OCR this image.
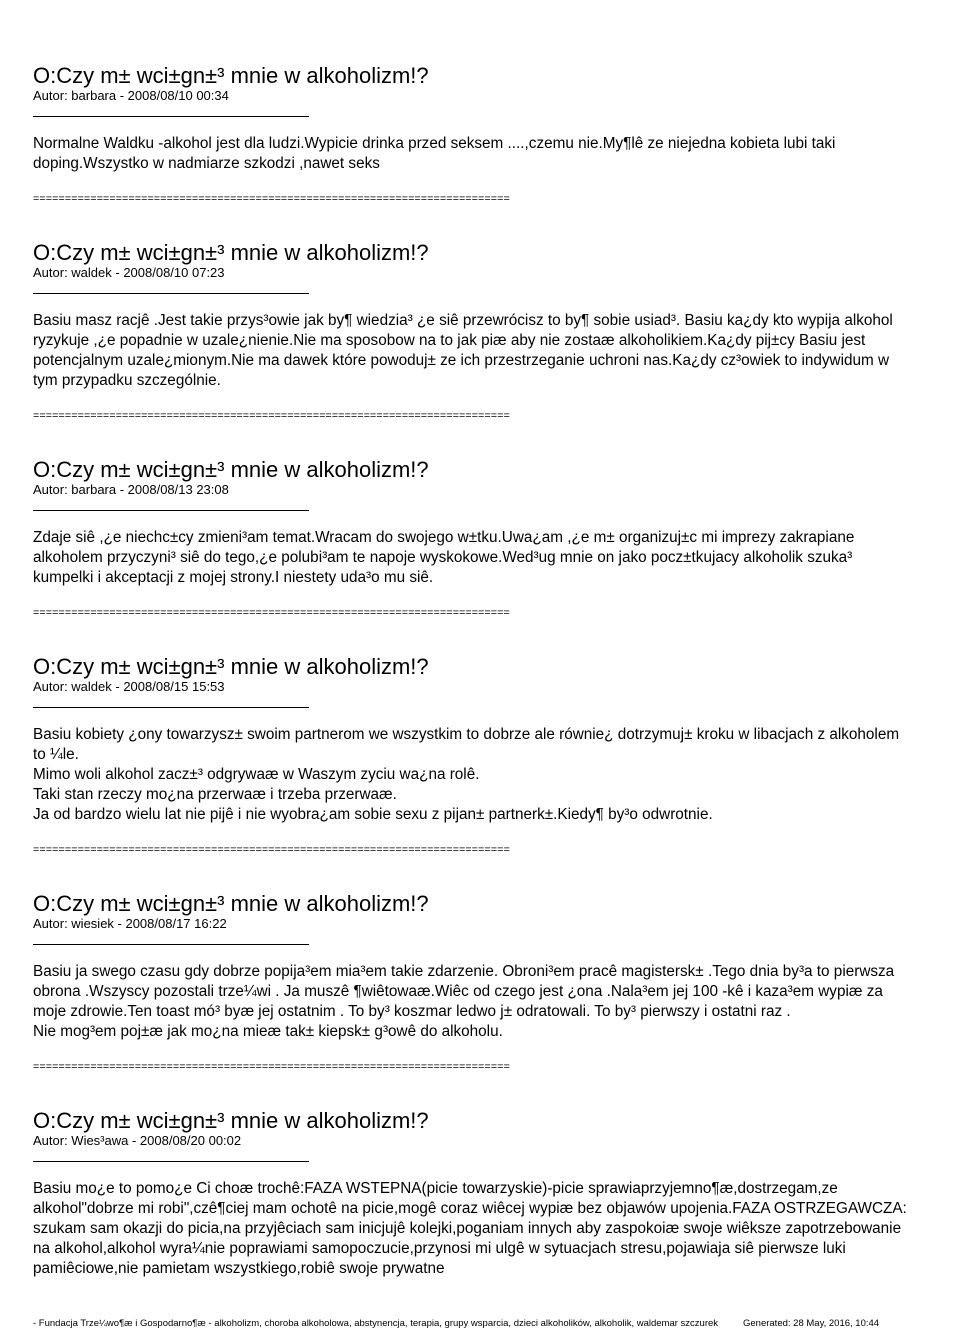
O:Czy m± wci±gn±³ mnie w alkoholizm!?
Autor: barbara - 2008/08/10 00:34

Normalne Waldku -alkohol jest dla ludzi.Wypicie drinka przed seksem ....,czemu nie.My¶lê ze niejedna kobieta lubi taki doping.Wszystko w nadmiarze szkodzi ,nawet seks

===========================================================================
O:Czy m± wci±gn±³ mnie w alkoholizm!?
Autor: waldek - 2008/08/10 07:23

Basiu masz racjê .Jest takie przys³owie jak by¶ wiedzia³ ¿e siê przewrócisz to by¶ sobie usiad³. Basiu ka¿dy kto wypija alkohol ryzykuje ,¿e popadnie w uzale¿nienie.Nie ma sposobow na to jak piæ aby nie zostaæ alkoholikiem.Ka¿dy pij±cy Basiu jest potencjalnym uzale¿mionym.Nie ma dawek które powoduj± ze ich przestrzeganie uchroni nas.Ka¿dy cz³owiek to indywidum w tym przypadku szczególnie.

===========================================================================
O:Czy m± wci±gn±³ mnie w alkoholizm!?
Autor: barbara - 2008/08/13 23:08

Zdaje siê ,¿e niechc±cy zmieni³am temat.Wracam do swojego w±tku.Uwa¿am ,¿e m± organizuj±c mi imprezy zakrapiane alkoholem przyczyni³ siê do tego,¿e polubi³am te napoje wyskokowe.Wed³ug mnie on jako pocz±tkujacy alkoholik szuka³ kumpelki i akceptacji z mojej strony.I niestety uda³o mu siê.

===========================================================================
O:Czy m± wci±gn±³ mnie w alkoholizm!?
Autor: waldek - 2008/08/15 15:53

Basiu kobiety ¿ony towarzysz± swoim partnerom we wszystkim to dobrze ale równie¿ dotrzymuj± kroku w libacjach z alkoholem to ¼le.

Mimo woli alkohol zacz±³ odgrywaæ w Waszym zyciu wa¿na rolê.

Taki stan rzeczy mo¿na przerwaæ i trzeba przerwaæ.

Ja od bardzo wielu lat nie pijê i nie wyobra¿am sobie sexu z pijan± partnerk±.Kiedy¶ by³o odwrotnie.

===========================================================================
O:Czy m± wci±gn±³ mnie w alkoholizm!?
Autor: wiesiek - 2008/08/17 16:22

Basiu ja swego czasu gdy dobrze popija³em mia³em takie zdarzenie. Obroni³em pracê magistersk± .Tego dnia by³a to pierwsza obrona .Wszyscy pozostali trze¼wi . Ja muszê ¶wiêtowaæ.Wiêc od czego jest ¿ona .Nala³em jej 100 -kê i kaza³em wypiæ za moje zdrowie.Ten toast mó³ byæ jej ostatnim . To by³ koszmar ledwo j± odratowali. To by³ pierwszy i ostatni raz .

Nie mog³em poj±æ jak mo¿na mieæ tak± kiepsk± g³owê do alkoholu.

===========================================================================
O:Czy m± wci±gn±³ mnie w alkoholizm!?
Autor: Wies³awa - 2008/08/20 00:02

Basiu mo¿e to pomo¿e Ci choæ trochê:FAZA WSTEPNA(picie towarzyskie)-picie sprawiaprzyjemno¶æ,dostrzegam,ze alkohol"dobrze mi robi",czê¶ciej mam ochotê na picie,mogê coraz wiêcej wypiæ bez objawów upojenia.FAZA OSTRZEGAWCZA: szukam sam okazji do picia,na przyjêciach sam inicjujê kolejki,poganiam innych aby zaspokoiæ swoje wiêksze zapotrzebowanie na alkohol,alkohol wyra¼nie poprawiami samopoczucie,przynosi mi ulgê w sytuacjach stresu,pojawiaja siê pierwsze luki pamiêciowe,nie pamietam wszystkiego,robiê swoje prywatne

- Fundacja Trze¼wo¶æ i Gospodarno¶æ - alkoholizm, choroba alkoholowa, abstynencja, terapia, grupy wsparcia, dzieci alkoholików, alkoholik, waldemar szczurek	Generated: 28 May, 2016, 10:44
